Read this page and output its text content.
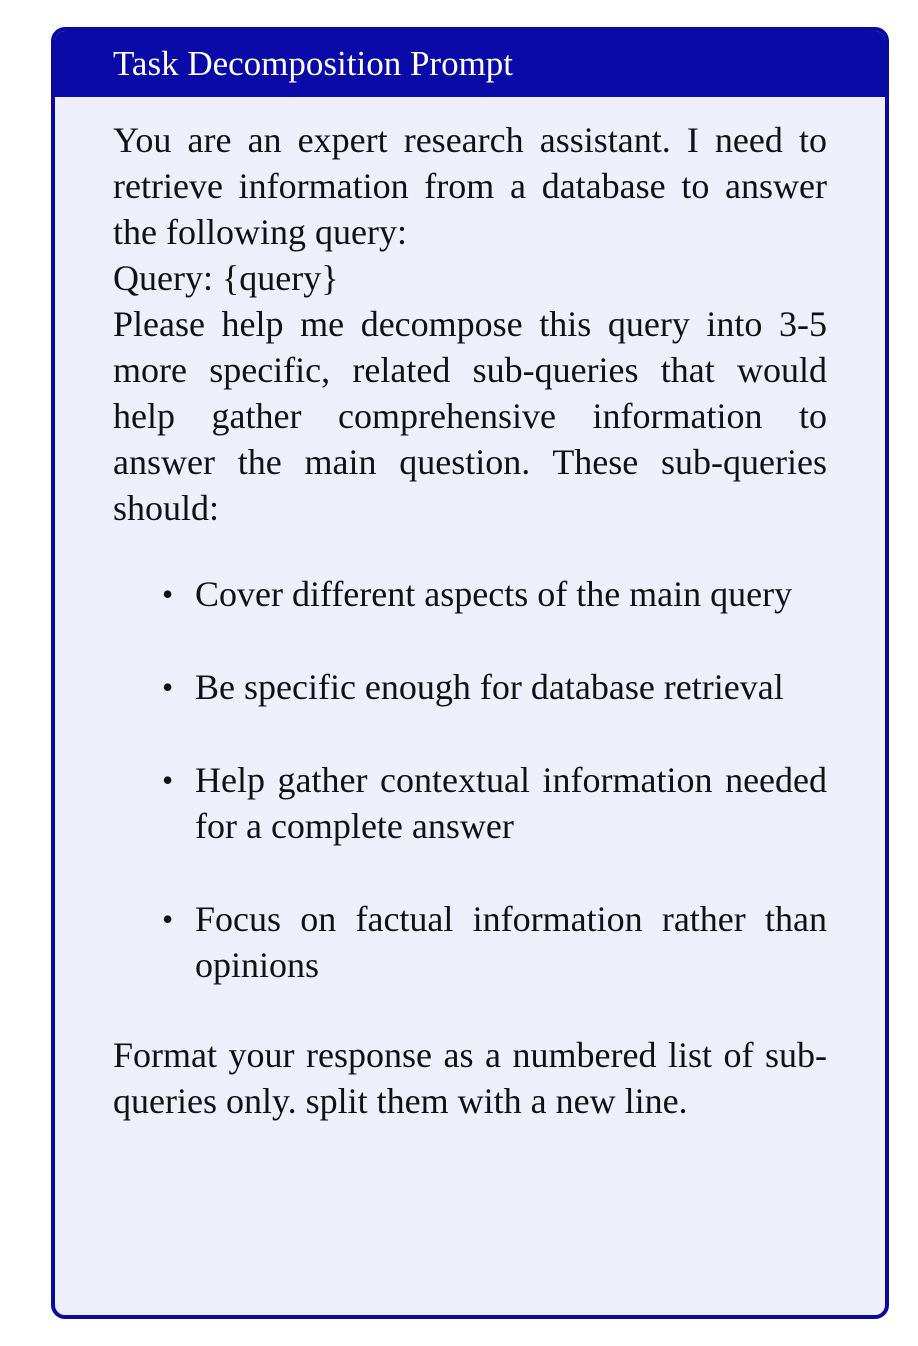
Task Decomposition Prompt

You are an expert research assistant. I need to retrieve information from a database to answer the following query:

Query: {query}

Please help me decompose this query into 3-5 more specific, related sub-queries that would help gather comprehensive information to answer the main question. These sub-queries should:

• Cover different aspects of the main query
• Be specific enough for database retrieval
• Help gather contextual information needed for a complete answer
• Focus on factual information rather than opinions

Format your response as a numbered list of sub-queries only. split them with a new line.
